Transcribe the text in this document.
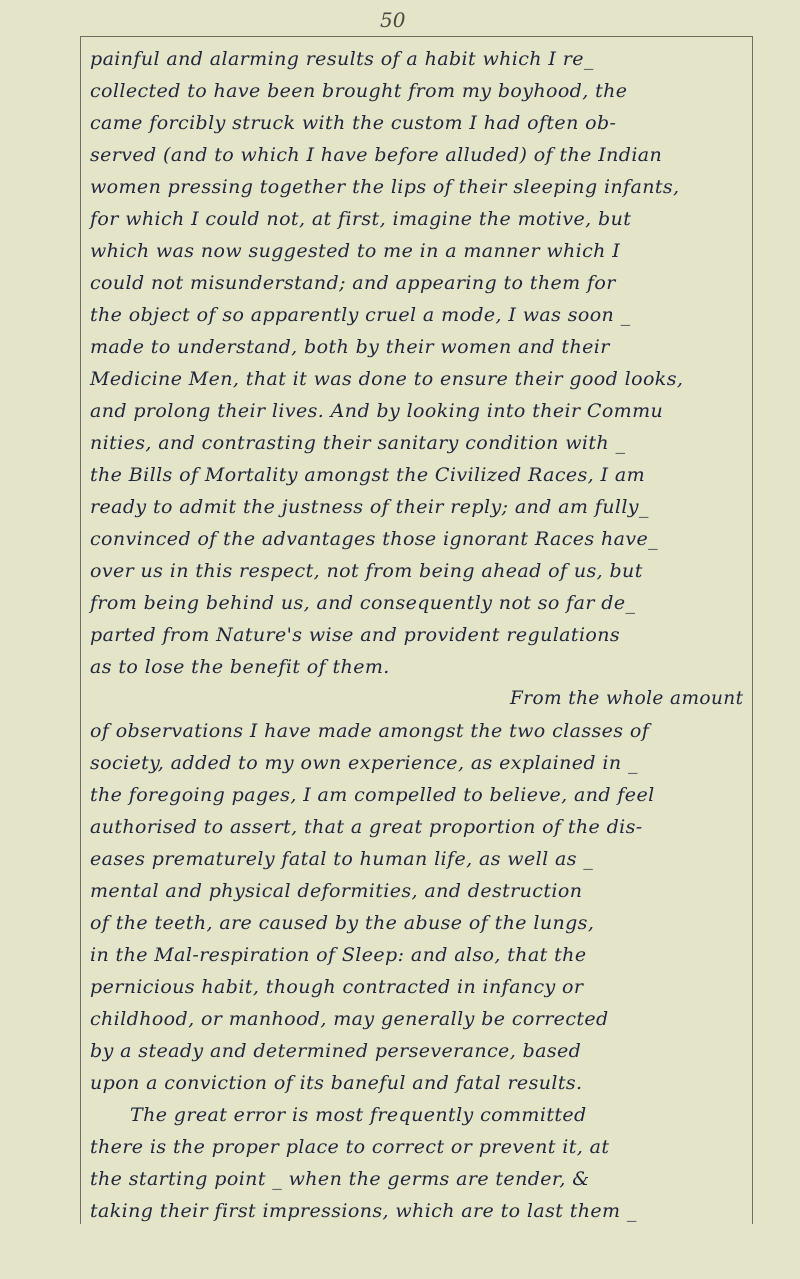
50
painful and alarming results of a habit which I re_
collected to have been brought from my boyhood, the
came forcibly struck with the custom I had often ob-
served (and to which I have before alluded) of the Indian
women pressing together the lips of their sleeping infants,
for which I could not, at first, imagine the motive, but
which was now suggested to me in a manner which I
could not misunderstand; and appearing to them for
the object of so apparently cruel a mode, I was soon _
made to understand, both by their women and their
Medicine Men, that it was done to ensure their good looks,
and prolong their lives. And by looking into their Commu
nities, and contrasting their sanitary condition with _
the Bills of Mortality amongst the Civilized Races, I am
ready to admit the justness of their reply; and am fully_
convinced of the advantages those ignorant Races have_
over us in this respect, not from being ahead of us, but
from being behind us, and consequently not so far de_
parted from Nature's wise and provident regulations
as to lose the benefit of them.
From the whole amount
of observations I have made amongst the two classes of
society, added to my own experience, as explained in _
the foregoing pages, I am compelled to believe, and feel
authorised to assert, that a great proportion of the dis-
eases prematurely fatal to human life, as well as _
mental and physical deformities, and destruction
of the teeth, are caused by the abuse of the lungs,
in the Mal-respiration of Sleep: and also, that the
pernicious habit, though contracted in infancy or
childhood, or manhood, may generally be corrected
by a steady and determined perseverance, based
upon a conviction of its baneful and fatal results.
The great error is most frequently committed
there is the proper place to correct or prevent it, at
the starting point _ when the germs are tender, &
taking their first impressions, which are to last them _
